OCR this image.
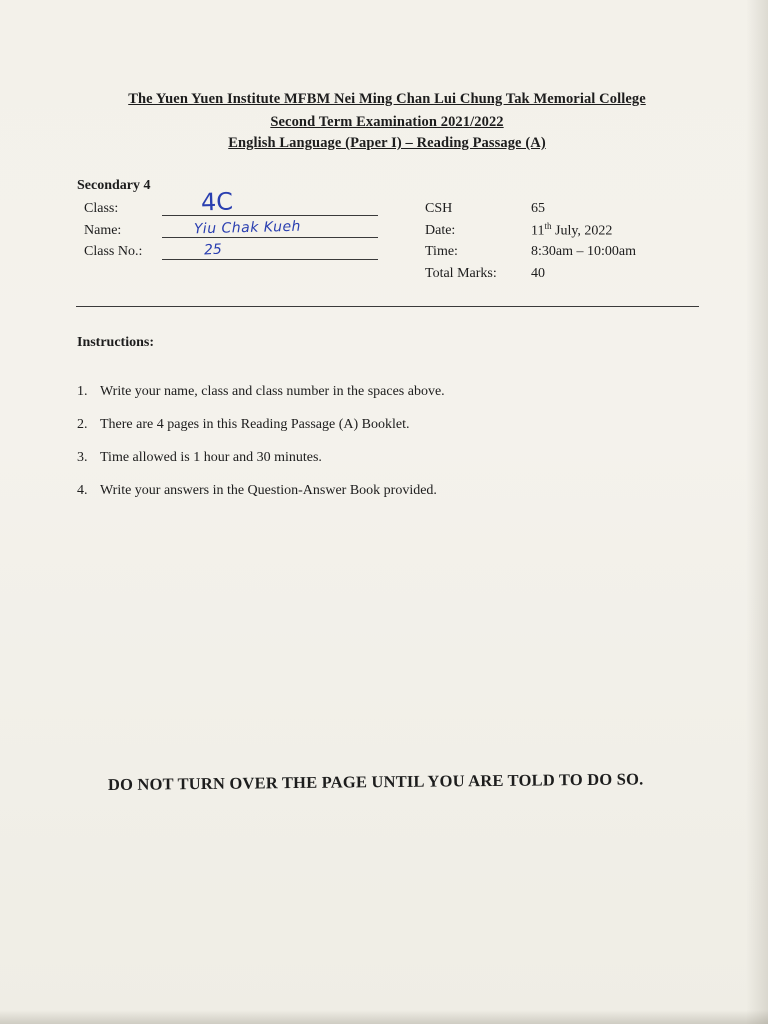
The Yuen Yuen Institute MFBM Nei Ming Chan Lui Chung Tak Memorial College
Second Term Examination 2021/2022
English Language (Paper I) – Reading Passage (A)
Secondary 4
Class:	4C
Name:	Yiu Chak Kueh
Class No.:	25
CSH	65
Date:	11th July, 2022
Time:	8:30am – 10:00am
Total Marks: 40
Instructions:
1. Write your name, class and class number in the spaces above.
2. There are 4 pages in this Reading Passage (A) Booklet.
3. Time allowed is 1 hour and 30 minutes.
4. Write your answers in the Question-Answer Book provided.
DO NOT TURN OVER THE PAGE UNTIL YOU ARE TOLD TO DO SO.
